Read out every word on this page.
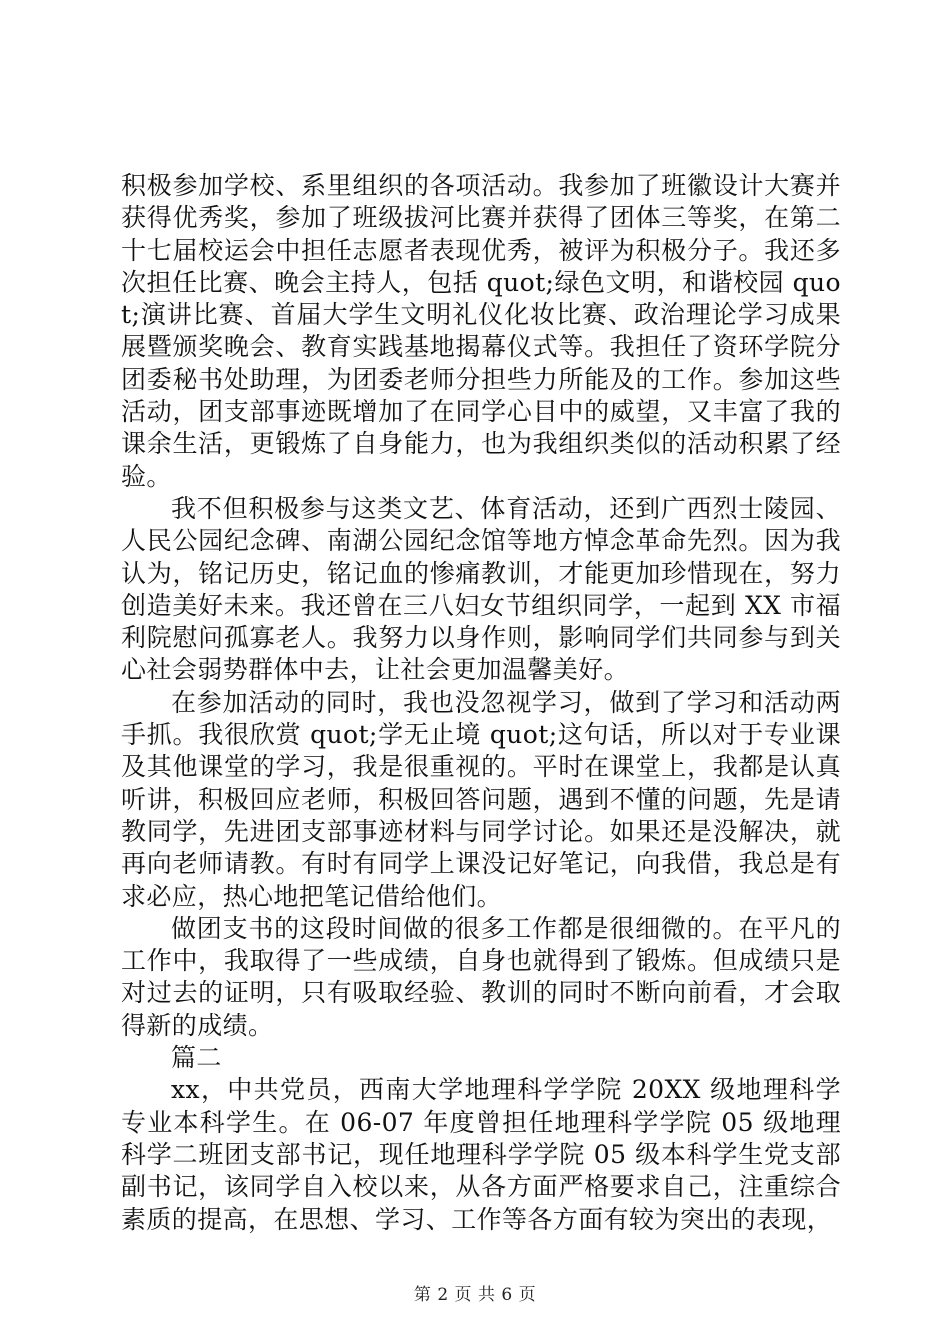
积极参加学校、系里组织的各项活动。我参加了班徽设计大赛并获得优秀奖，参加了班级拔河比赛并获得了团体三等奖，在第二十七届校运会中担任志愿者表现优秀，被评为积极分子。我还多次担任比赛、晚会主持人，包括 quot;绿色文明，和谐校园 quot;演讲比赛、首届大学生文明礼仪化妆比赛、政治理论学习成果展暨颁奖晚会、教育实践基地揭幕仪式等。我担任了资环学院分团委秘书处助理，为团委老师分担些力所能及的工作。参加这些活动，团支部事迹既增加了在同学心目中的威望，又丰富了我的课余生活，更锻炼了自身能力，也为我组织类似的活动积累了经验。

我不但积极参与这类文艺、体育活动，还到广西烈士陵园、人民公园纪念碑、南湖公园纪念馆等地方悼念革命先烈。因为我认为，铭记历史，铭记血的惨痛教训，才能更加珍惜现在，努力创造美好未来。我还曾在三八妇女节组织同学，一起到 XX 市福利院慰问孤寡老人。我努力以身作则，影响同学们共同参与到关心社会弱势群体中去，让社会更加温馨美好。

在参加活动的同时，我也没忽视学习，做到了学习和活动两手抓。我很欣赏 quot;学无止境 quot;这句话，所以对于专业课及其他课堂的学习，我是很重视的。平时在课堂上，我都是认真听讲，积极回应老师，积极回答问题，遇到不懂的问题，先是请教同学，先进团支部事迹材料与同学讨论。如果还是没解决，就再向老师请教。有时有同学上课没记好笔记，向我借，我总是有求必应，热心地把笔记借给他们。

做团支书的这段时间做的很多工作都是很细微的。在平凡的工作中，我取得了一些成绩，自身也就得到了锻炼。但成绩只是对过去的证明，只有吸取经验、教训的同时不断向前看，才会取得新的成绩。

篇二

xx，中共党员，西南大学地理科学学院 20XX 级地理科学专业本科学生。在 06-07 年度曾担任地理科学学院 05 级地理科学二班团支部书记，现任地理科学学院 05 级本科学生党支部副书记，该同学自入校以来，从各方面严格要求自己，注重综合素质的提高，在思想、学习、工作等各方面有较为突出的表现，

第 2 页 共 6 页
